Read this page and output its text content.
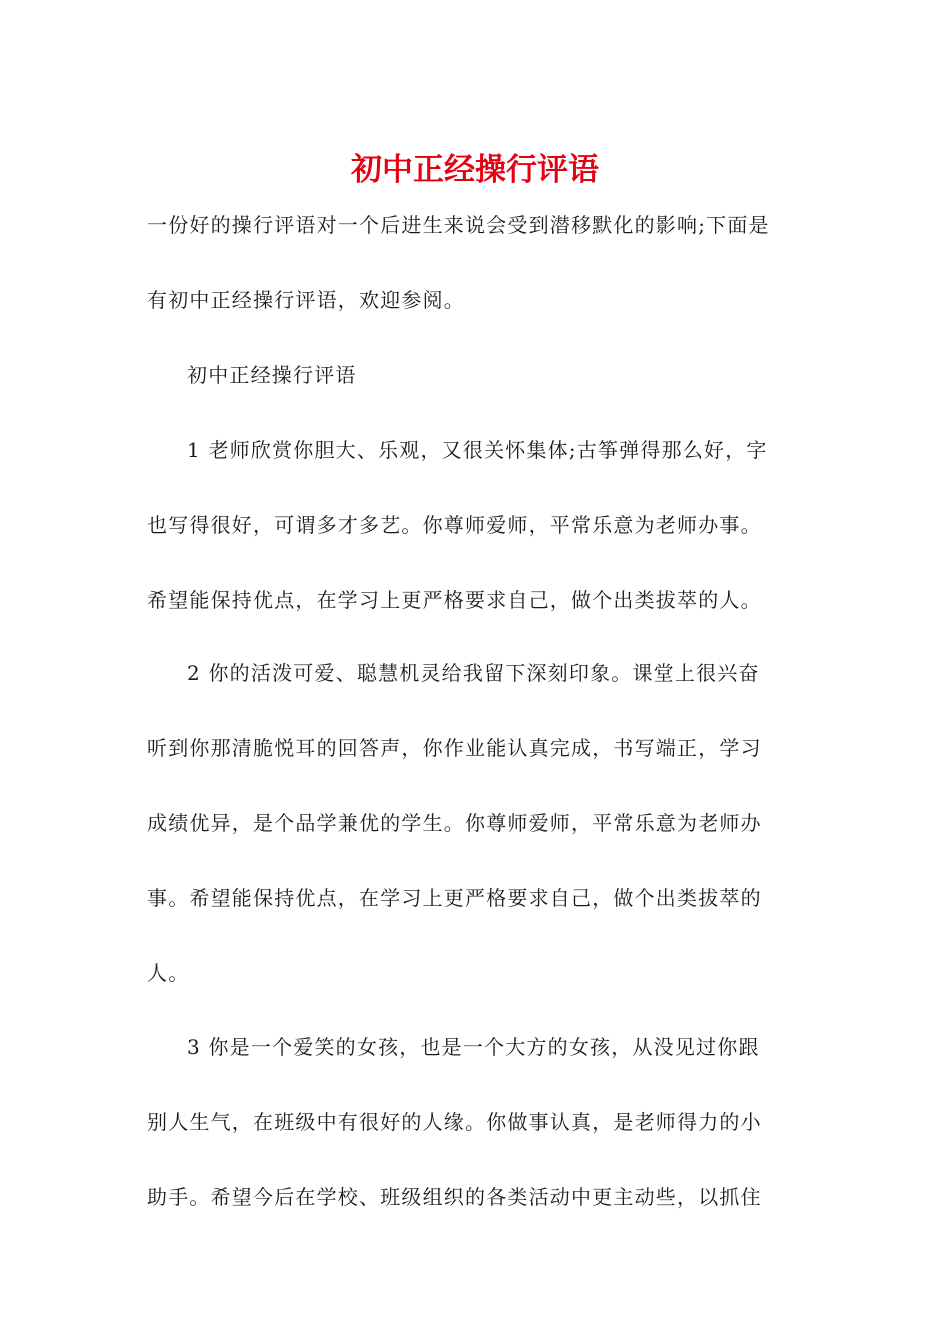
初中正经操行评语

一份好的操行评语对一个后进生来说会受到潜移默化的影响;下面是

有初中正经操行评语，欢迎参阅。

初中正经操行评语

1 老师欣赏你胆大、乐观，又很关怀集体;古筝弹得那么好，字

也写得很好，可谓多才多艺。你尊师爱师，平常乐意为老师办事。

希望能保持优点，在学习上更严格要求自己，做个出类拔萃的人。

2 你的活泼可爱、聪慧机灵给我留下深刻印象。课堂上很兴奋

听到你那清脆悦耳的回答声，你作业能认真完成，书写端正，学习

成绩优异，是个品学兼优的学生。你尊师爱师，平常乐意为老师办

事。希望能保持优点，在学习上更严格要求自己，做个出类拔萃的

人。

3 你是一个爱笑的女孩，也是一个大方的女孩，从没见过你跟

别人生气，在班级中有很好的人缘。你做事认真，是老师得力的小

助手。希望今后在学校、班级组织的各类活动中更主动些，以抓住
